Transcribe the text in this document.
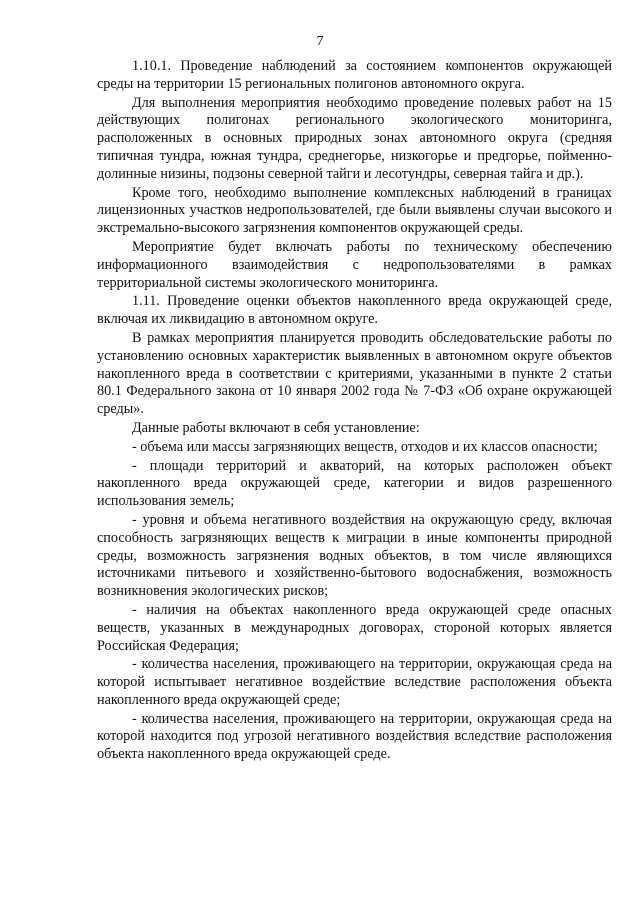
7

1.10.1. Проведение наблюдений за состоянием компонентов окружающей среды на территории 15 региональных полигонов автономного округа.

Для выполнения мероприятия необходимо проведение полевых работ на 15 действующих полигонах регионального экологического мониторинга, расположенных в основных природных зонах автономного округа (средняя типичная тундра, южная тундра, среднегорье, низкогорье и предгорье, пойменно-долинные низины, подзоны северной тайги и лесотундры, северная тайга и др.).

Кроме того, необходимо выполнение комплексных наблюдений в границах лицензионных участков недропользователей, где были выявлены случаи высокого и экстремально-высокого загрязнения компонентов окружающей среды.

Мероприятие будет включать работы по техническому обеспечению информационного взаимодействия с недропользователями в рамках территориальной системы экологического мониторинга.

1.11. Проведение оценки объектов накопленного вреда окружающей среде, включая их ликвидацию в автономном округе.

В рамках мероприятия планируется проводить обследовательские работы по установлению основных характеристик выявленных в автономном округе объектов накопленного вреда в соответствии с критериями, указанными в пункте 2 статьи 80.1 Федерального закона от 10 января 2002 года № 7-ФЗ «Об охране окружающей среды».

Данные работы включают в себя установление:

- объема или массы загрязняющих веществ, отходов и их классов опасности;

- площади территорий и акваторий, на которых расположен объект накопленного вреда окружающей среде, категории и видов разрешенного использования земель;

- уровня и объема негативного воздействия на окружающую среду, включая способность загрязняющих веществ к миграции в иные компоненты природной среды, возможность загрязнения водных объектов, в том числе являющихся источниками питьевого и хозяйственно-бытового водоснабжения, возможность возникновения экологических рисков;

- наличия на объектах накопленного вреда окружающей среде опасных веществ, указанных в международных договорах, стороной которых является Российская Федерация;

- количества населения, проживающего на территории, окружающая среда на которой испытывает негативное воздействие вследствие расположения объекта накопленного вреда окружающей среде;

- количества населения, проживающего на территории, окружающая среда на которой находится под угрозой негативного воздействия вследствие расположения объекта накопленного вреда окружающей среде.
